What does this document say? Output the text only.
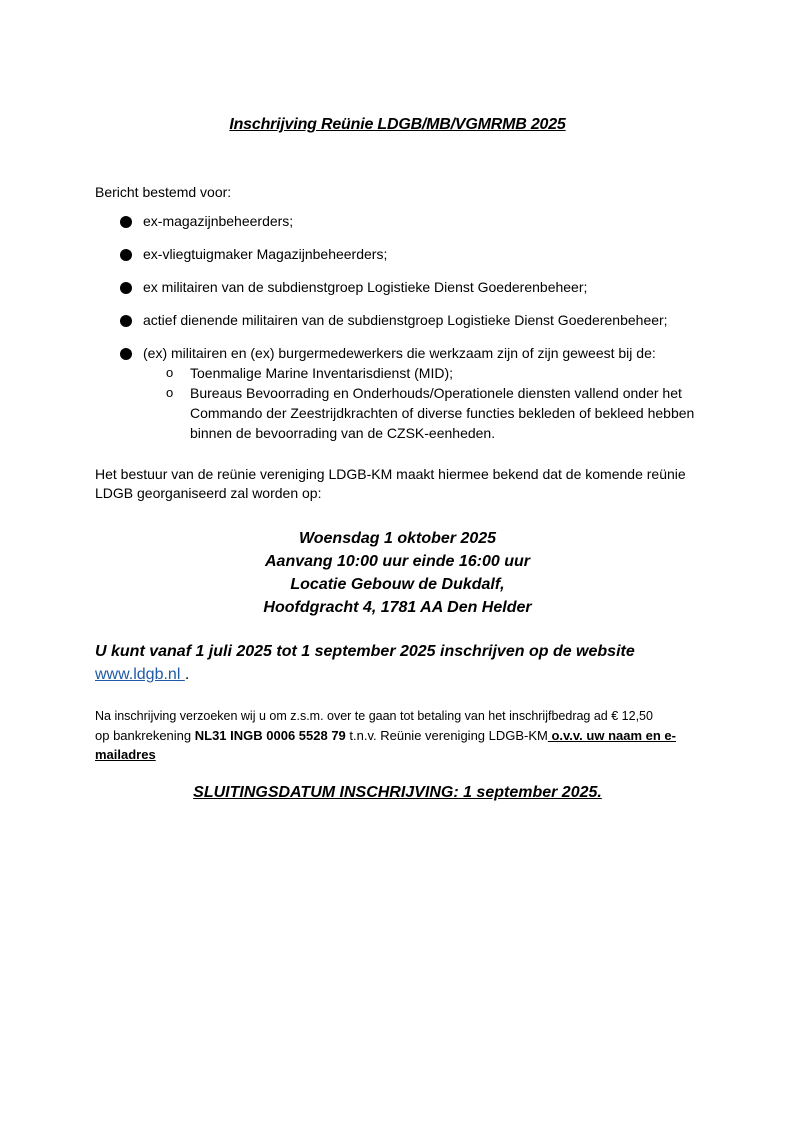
Inschrijving Reünie LDGB/MB/VGMRMB 2025
Bericht bestemd voor:
ex-magazijnbeheerders;
ex-vliegtuigmaker Magazijnbeheerders;
ex militairen van de subdienstgroep Logistieke Dienst Goederenbeheer;
actief dienende militairen van de subdienstgroep Logistieke Dienst Goederenbeheer;
(ex) militairen en (ex) burgermedewerkers die werkzaam zijn of zijn geweest bij de:
o Toenmalige Marine Inventarisdienst (MID);
o Bureaus Bevoorrading en Onderhouds/Operationele diensten vallend onder het Commando der Zeestrijdkrachten of diverse functies bekleden of bekleed hebben binnen de bevoorrading van de CZSK-eenheden.
Het bestuur van de reünie vereniging LDGB-KM maakt hiermee bekend dat de komende reünie LDGB georganiseerd zal worden op:
Woensdag 1 oktober 2025
Aanvang 10:00 uur einde 16:00 uur
Locatie Gebouw de Dukdalf,
Hoofdgracht 4, 1781 AA Den Helder
U kunt vanaf 1 juli 2025 tot 1 september 2025 inschrijven op de website
www.ldgb.nl .
Na inschrijving verzoeken wij u om z.s.m. over te gaan tot betaling van het inschrijfbedrag ad € 12,50
op bankrekening NL31 INGB 0006 5528 79 t.n.v. Reünie vereniging LDGB-KM o.v.v. uw naam en e-mailadres
SLUITINGSDATUM INSCHRIJVING: 1 september 2025.
